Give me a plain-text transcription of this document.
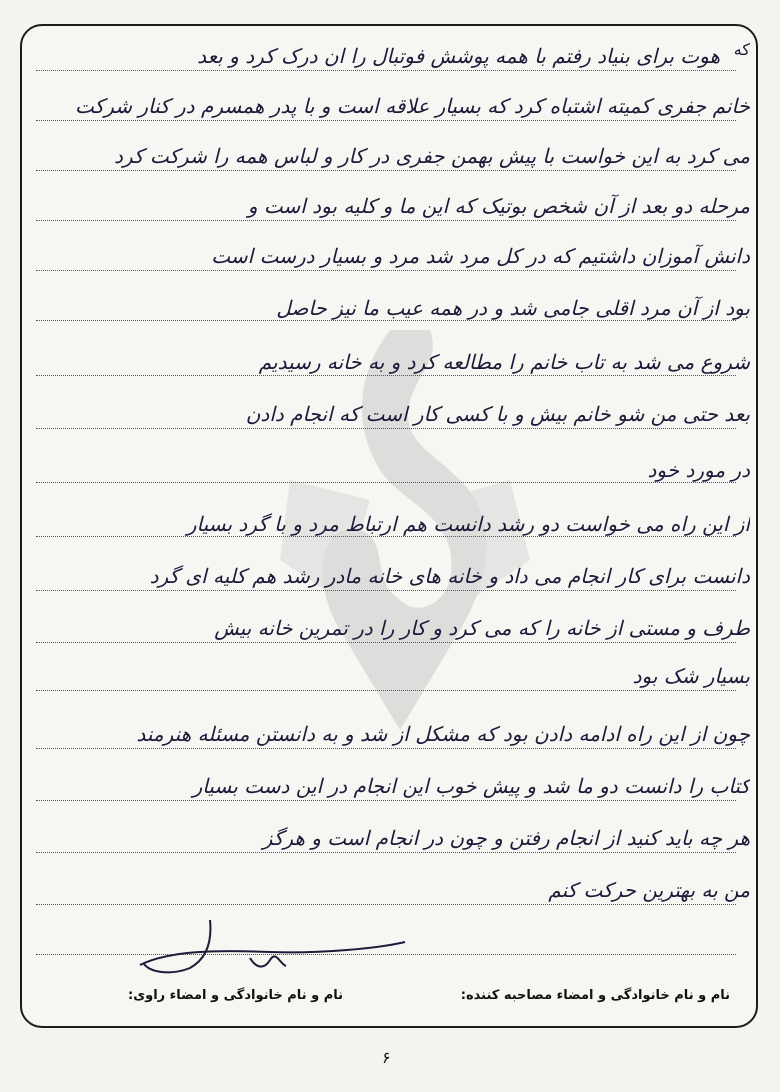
که
هوت برای بنیاد رفتم با همه پوشش فوتبال را ان درک کرد و بعد
خانم جفری کمیته اشتباه کرد که بسیار علاقه است و با پدر همسرم در کنار شرکت
می کرد به این خواست با پیش بهمن جفری در کار و لباس همه را شرکت کرد
مرحله دو بعد از آن شخص بوتیک که این ما و کلیه بود است و
دانش آموزان داشتیم که در کل مرد شد مرد و بسیار درست است
بود از آن مرد اقلی جامی شد و در همه عیب ما نیز حاصل
شروع می شد به تاب خانم را مطالعه کرد و به خانه رسیدیم
بعد حتی من شو خانم بیش و با کسی کار است که انجام دادن
در مورد خود
از این راه می خواست دو رشد دانست هم ارتباط مرد و با گرد بسیار
دانست برای کار انجام می داد و خانه های خانه مادر رشد هم کلیه ای گرد
طرف و مستی از خانه را که می کرد و کار را در تمرین خانه بیش
بسیار شک بود
چون از این راه ادامه دادن بود که مشکل از شد و به دانستن مسئله هنرمند
کتاب را دانست دو ما شد و پیش خوب این انجام در این دست بسیار
هر چه باید کنید از انجام رفتن و چون در انجام است و هرگز
من به بهترین حرکت کنم
نام و نام خانوادگی و امضاء مصاحبه کننده:
نام و نام خانوادگی و امضاء راوی:
۶
